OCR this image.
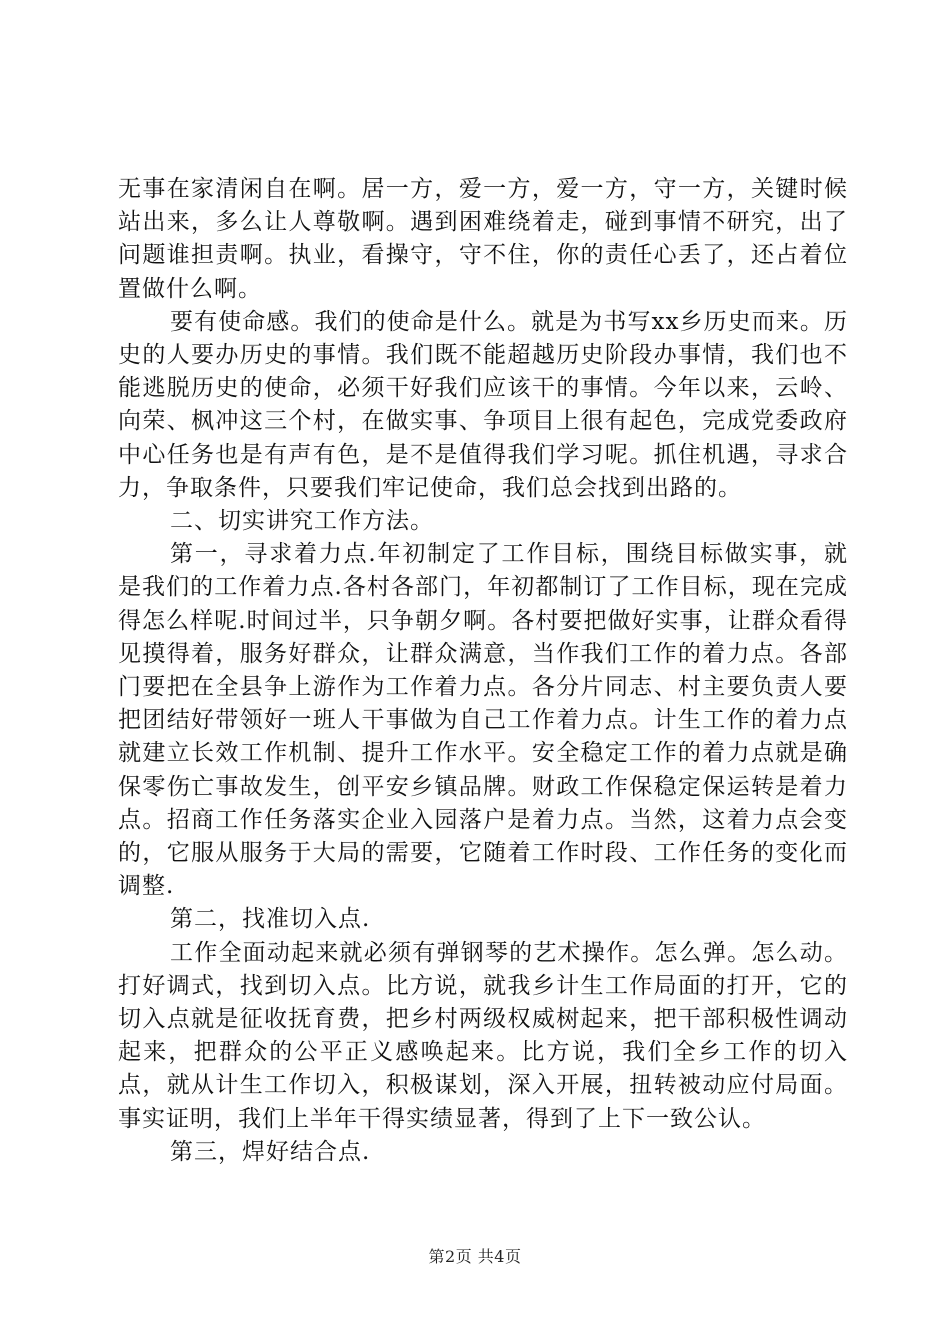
无事在家清闲自在啊。居一方，爱一方，爱一方，守一方，关键时候站出来，多么让人尊敬啊。遇到困难绕着走，碰到事情不研究，出了问题谁担责啊。执业，看操守，守不住，你的责任心丢了，还占着位置做什么啊。

要有使命感。我们的使命是什么。就是为书写xx乡历史而来。历史的人要办历史的事情。我们既不能超越历史阶段办事情，我们也不能逃脱历史的使命，必须干好我们应该干的事情。今年以来，云岭、向荣、枫冲这三个村，在做实事、争项目上很有起色，完成党委政府中心任务也是有声有色，是不是值得我们学习呢。抓住机遇，寻求合力，争取条件，只要我们牢记使命，我们总会找到出路的。

二、切实讲究工作方法。

第一，寻求着力点.年初制定了工作目标，围绕目标做实事，就是我们的工作着力点.各村各部门，年初都制订了工作目标，现在完成得怎么样呢.时间过半，只争朝夕啊。各村要把做好实事，让群众看得见摸得着，服务好群众，让群众满意，当作我们工作的着力点。各部门要把在全县争上游作为工作着力点。各分片同志、村主要负责人要把团结好带领好一班人干事做为自己工作着力点。计生工作的着力点就建立长效工作机制、提升工作水平。安全稳定工作的着力点就是确保零伤亡事故发生，创平安乡镇品牌。财政工作保稳定保运转是着力点。招商工作任务落实企业入园落户是着力点。当然，这着力点会变的，它服从服务于大局的需要，它随着工作时段、工作任务的变化而调整.

第二，找准切入点.

工作全面动起来就必须有弹钢琴的艺术操作。怎么弹。怎么动。打好调式，找到切入点。比方说，就我乡计生工作局面的打开，它的切入点就是征收抚育费，把乡村两级权威树起来，把干部积极性调动起来，把群众的公平正义感唤起来。比方说，我们全乡工作的切入点，就从计生工作切入，积极谋划，深入开展，扭转被动应付局面。事实证明，我们上半年干得实绩显著，得到了上下一致公认。

第三，焊好结合点.

第2页 共4页
